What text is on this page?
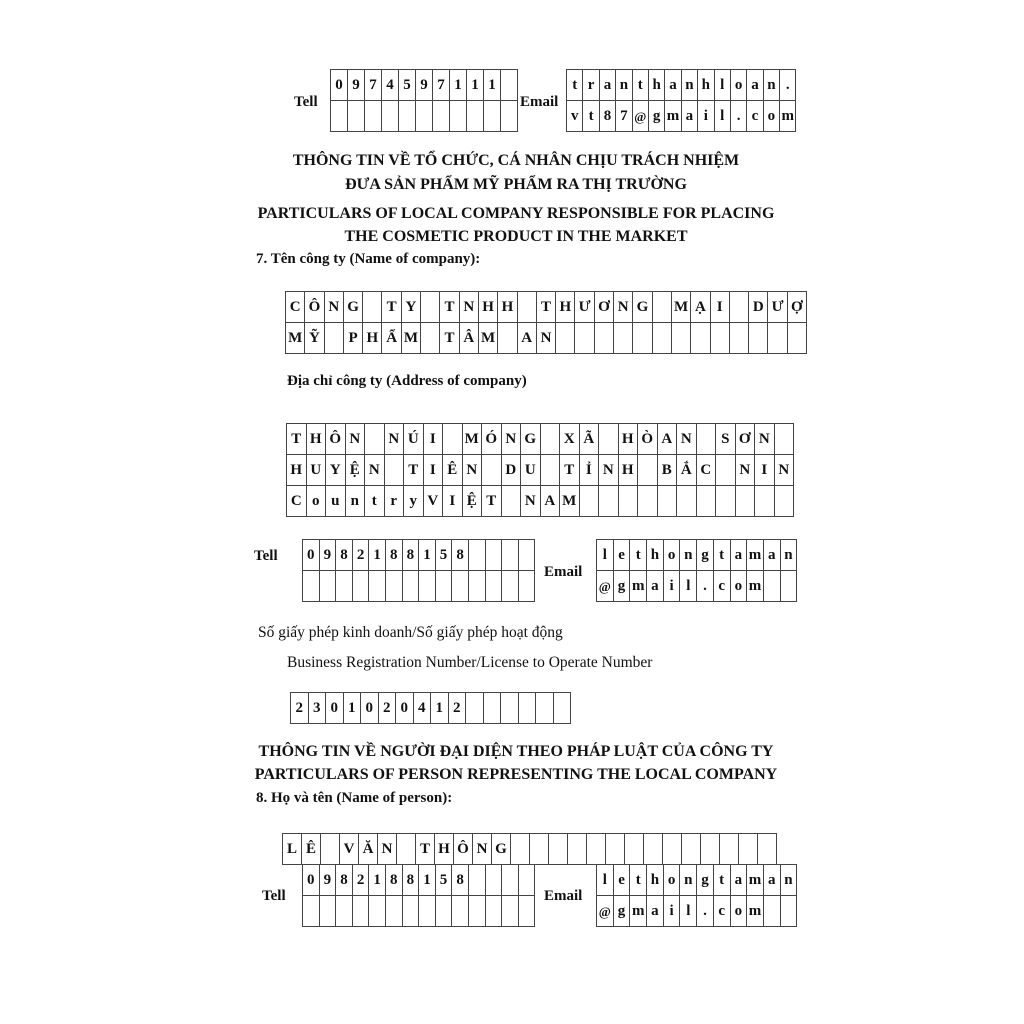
Tell
0 9 7 4 5 9 7 1 1 1
Email
t r a n t h a n h l o a n .
v t 8 7 @ g m a i l . c o m
THÔNG TIN VỀ TỔ CHỨC, CÁ NHÂN CHỊU TRÁCH NHIỆM
ĐƯA SẢN PHẨM MỸ PHẨM RA THỊ TRƯỜNG
PARTICULARS OF LOCAL COMPANY RESPONSIBLE FOR PLACING
THE COSMETIC PRODUCT IN THE MARKET
7. Tên công ty (Name of company):
C Ô N G T Y	T N H H T H Ư Ơ N G M Ạ I	D Ư Ợ
M Ỹ	P H Ẩ M T Â M A N
Địa chỉ công ty (Address of company)
T H Ô N	N Ú I	M Ó N G X Ã	H Ò A N	S Ơ N
H U Y Ệ N	T I Ê N	D U	T Ỉ N H B Ắ C	N I N
C o u n t r y V I Ệ T	N A M
Tell 0 9 8 2 1 8 8 1 5 8
Email
l e t h o n g t a m a n
@ g m a i l . c o m
Số giấy phép kinh doanh/Số giấy phép hoạt động
Business Registration Number/License to Operate Number
2 3 0 1 0 2 0 4 1 2
THÔNG TIN VỀ NGƯỜI ĐẠI DIỆN THEO PHÁP LUẬT CỦA CÔNG TY
PARTICULARS OF PERSON REPRESENTING THE LOCAL COMPANY
8. Họ và tên (Name of person):
L Ê	V Ă N	T H Ô N G
Tell
0 9 8 2 1 8 8 1 5 8
Email
l e t h o n g t a m a n
@ g m a i l . c o m
